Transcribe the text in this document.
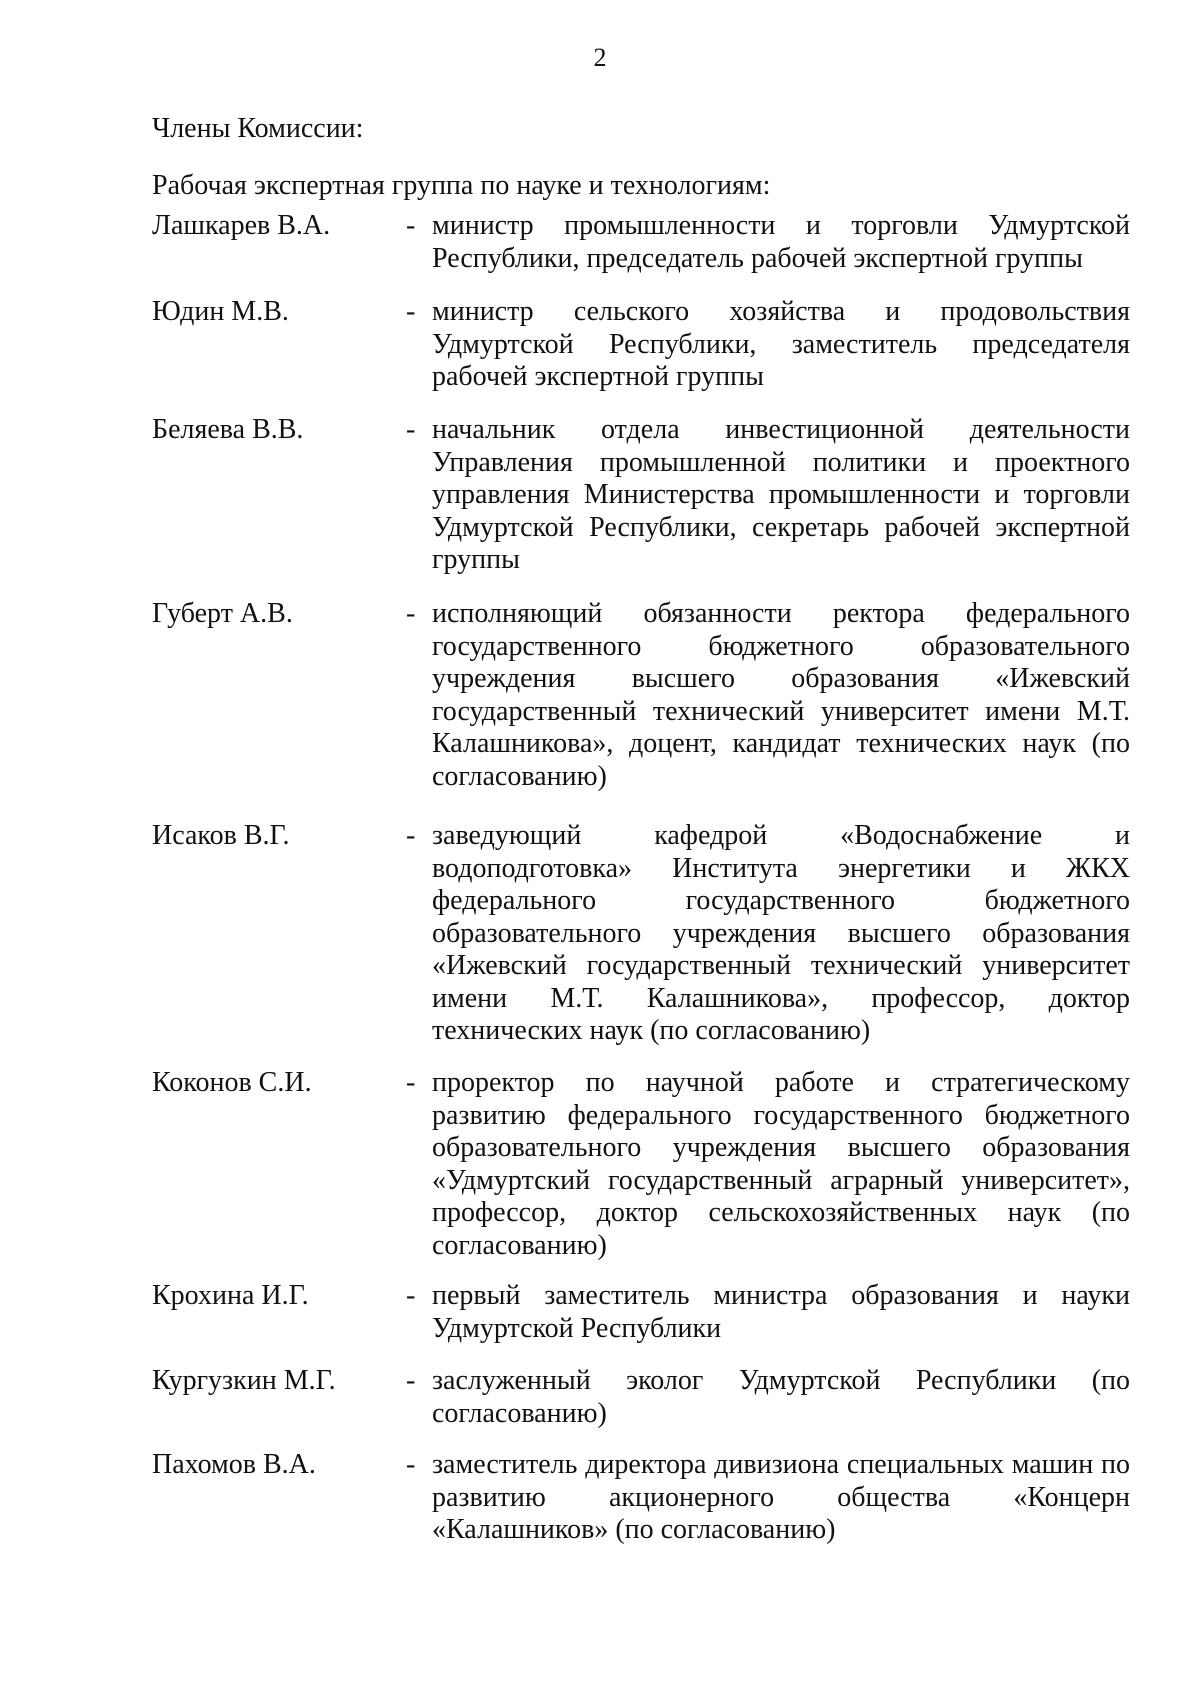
2
Члены Комиссии:
Рабочая экспертная группа по науке и технологиям:
Лашкарев В.А.	- министр промышленности и торговли Удмуртской Республики, председатель рабочей экспертной группы
Юдин М.В.	- министр сельского хозяйства и продовольствия Удмуртской Республики, заместитель председателя рабочей экспертной группы
Беляева В.В.	- начальник отдела инвестиционной деятельности Управления промышленной политики и проектного управления Министерства промышленности и торговли Удмуртской Республики, секретарь рабочей экспертной группы
Губерт А.В.	- исполняющий обязанности ректора федерального государственного бюджетного образовательного учреждения высшего образования «Ижевский государственный технический университет имени М.Т. Калашникова», доцент, кандидат технических наук (по согласованию)
Исаков В.Г.	- заведующий кафедрой «Водоснабжение и водоподготовка» Института энергетики и ЖКХ федерального государственного бюджетного образовательного учреждения высшего образования «Ижевский государственный технический университет имени М.Т. Калашникова», профессор, доктор технических наук (по согласованию)
Коконов С.И.	- проректор по научной работе и стратегическому развитию федерального государственного бюджетного образовательного учреждения высшего образования «Удмуртский государственный аграрный университет», профессор, доктор сельскохозяйственных наук (по согласованию)
Крохина И.Г.	- первый заместитель министра образования и науки Удмуртской Республики
Кургузкин М.Г.	- заслуженный эколог Удмуртской Республики (по согласованию)
Пахомов В.А.	- заместитель директора дивизиона специальных машин по развитию акционерного общества «Концерн «Калашников» (по согласованию)
